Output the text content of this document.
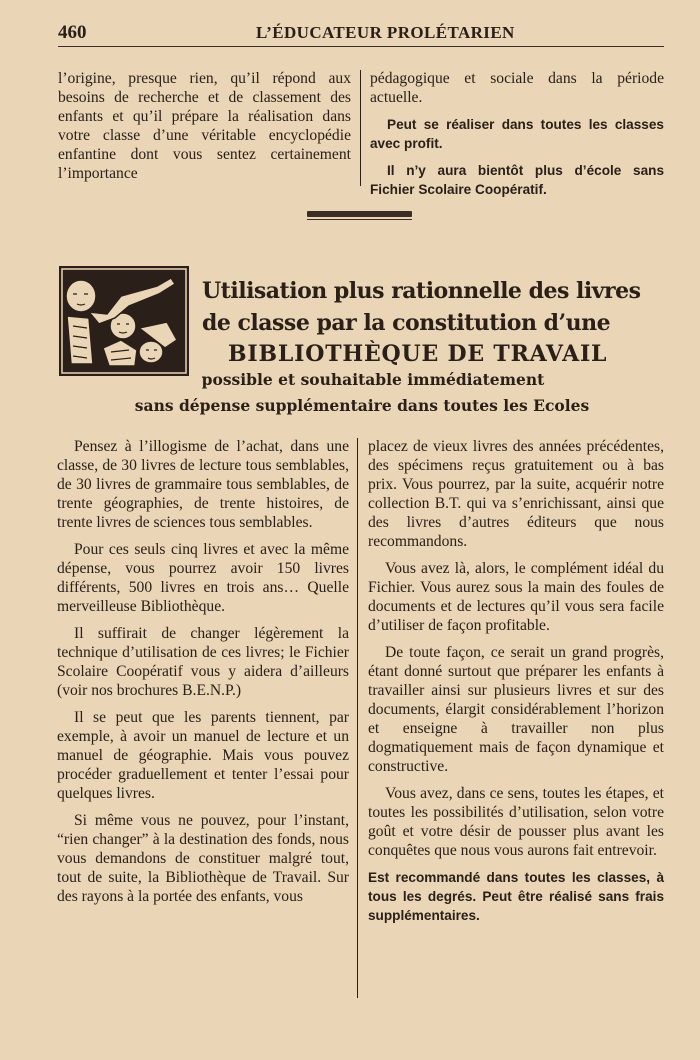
460	L’ÉDUCATEUR PROLÉTARIEN

l’origine, presque rien, qu’il répond aux besoins de recherche et de classement des enfants et qu’il prépare la réalisation dans votre classe d’une véritable encyclopédie enfantine dont vous sentez certainement l’importance

pédagogique et sociale dans la période actuelle.

Peut se réaliser dans toutes les classes avec profit.

Il n’y aura bientôt plus d’école sans Fichier Scolaire Coopératif.

Utilisation plus rationnelle des livres
de classe par la constitution d’une
BIBLIOTHÈQUE DE TRAVAIL
possible et souhaitable immédiatement
sans dépense supplémentaire dans toutes les Ecoles

Pensez à l’illogisme de l’achat, dans une classe, de 30 livres de lecture tous semblables, de 30 livres de grammaire tous semblables, de trente géographies, de trente histoires, de trente livres de sciences tous semblables.

Pour ces seuls cinq livres et avec la même dépense, vous pourrez avoir 150 livres différents, 500 livres en trois ans… Quelle merveilleuse Bibliothèque.

Il suffirait de changer légèrement la technique d’utilisation de ces livres; le Fichier Scolaire Coopératif vous y aidera d’ailleurs (voir nos brochures B.E.N.P.)

Il se peut que les parents tiennent, par exemple, à avoir un manuel de lecture et un manuel de géographie. Mais vous pouvez procéder graduellement et tenter l’essai pour quelques livres.

Si même vous ne pouvez, pour l’instant, “rien changer” à la destination des fonds, nous vous demandons de constituer malgré tout, tout de suite, la Bibliothèque de Travail. Sur des rayons à la portée des enfants, vous

placez de vieux livres des années précédentes, des spécimens reçus gratuitement ou à bas prix. Vous pourrez, par la suite, acquérir notre collection B.T. qui va s’enrichissant, ainsi que des livres d’autres éditeurs que nous recommandons.

Vous avez là, alors, le complément idéal du Fichier. Vous aurez sous la main des foules de documents et de lectures qu’il vous sera facile d’utiliser de façon profitable.

De toute façon, ce serait un grand progrès, étant donné surtout que préparer les enfants à travailler ainsi sur plusieurs livres et sur des documents, élargit considérablement l’horizon et enseigne à travailler non plus dogmatiquement mais de façon dynamique et constructive.

Vous avez, dans ce sens, toutes les étapes, et toutes les possibilités d’utilisation, selon votre goût et votre désir de pousser plus avant les conquêtes que nous vous aurons fait entrevoir.

Est recommandé dans toutes les classes, à tous les degrés. Peut être réalisé sans frais supplémentaires.
